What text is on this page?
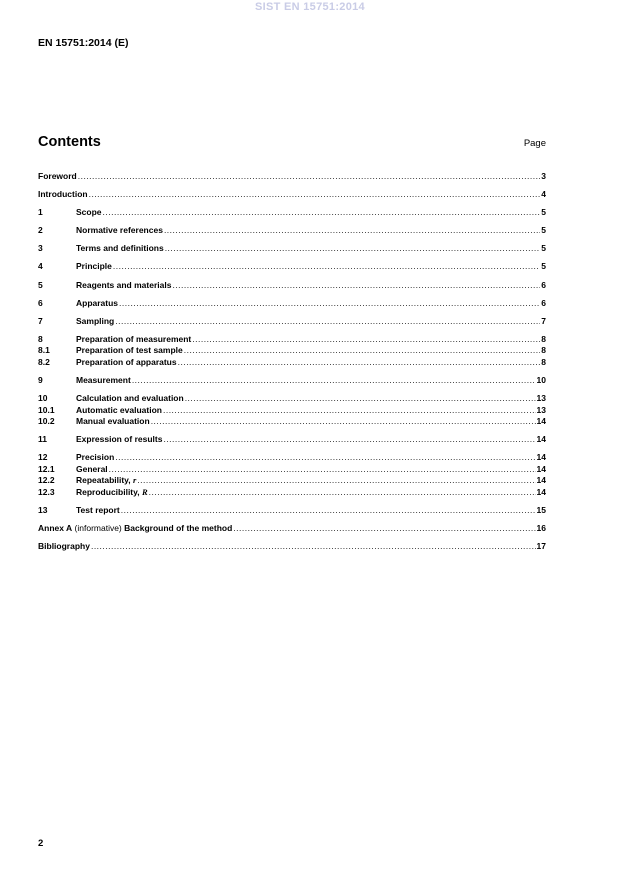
SIST EN 15751:2014
EN 15751:2014 (E)
Contents	Page
Foreword .....	3
Introduction .....	4
1	Scope .....	5
2	Normative references .....	5
3	Terms and definitions .....	5
4	Principle .....	5
5	Reagents and materials .....	6
6	Apparatus .....	6
7	Sampling .....	7
8	Preparation of measurement .....	8
8.1	Preparation of test sample .....	8
8.2	Preparation of apparatus .....	8
9	Measurement .....	10
10	Calculation and evaluation .....	13
10.1	Automatic evaluation .....	13
10.2	Manual evaluation .....	14
11	Expression of results .....	14
12	Precision .....	14
12.1	General .....	14
12.2	Repeatability, r .....	14
12.3	Reproducibility, R .....	14
13	Test report .....	15
Annex A (informative) Background of the method .....	16
Bibliography .....	17
2
